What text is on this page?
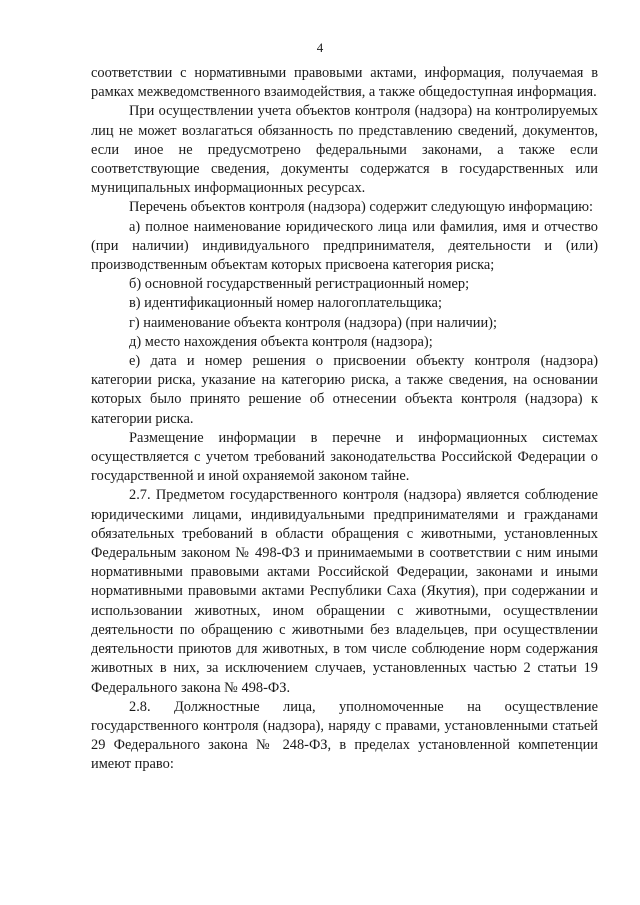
4

соответствии с нормативными правовыми актами, информация, получаемая в рамках межведомственного взаимодействия, а также общедоступная информация.

При осуществлении учета объектов контроля (надзора) на контролируемых лиц не может возлагаться обязанность по представлению сведений, документов, если иное не предусмотрено федеральными законами, а также если соответствующие сведения, документы содержатся в государственных или муниципальных информационных ресурсах.

Перечень объектов контроля (надзора) содержит следующую информацию:

а) полное наименование юридического лица или фамилия, имя и отчество (при наличии) индивидуального предпринимателя, деятельности и (или) производственным объектам которых присвоена категория риска;

б) основной государственный регистрационный номер;

в) идентификационный номер налогоплательщика;

г) наименование объекта контроля (надзора) (при наличии);

д) место нахождения объекта контроля (надзора);

е) дата и номер решения о присвоении объекту контроля (надзора) категории риска, указание на категорию риска, а также сведения, на основании которых было принято решение об отнесении объекта контроля (надзора) к категории риска.

Размещение информации в перечне и информационных системах осуществляется с учетом требований законодательства Российской Федерации о государственной и иной охраняемой законом тайне.

2.7. Предметом государственного контроля (надзора) является соблюдение юридическими лицами, индивидуальными предпринимателями и гражданами обязательных требований в области обращения с животными, установленных Федеральным законом № 498-ФЗ и принимаемыми в соответствии с ним иными нормативными правовыми актами Российской Федерации, законами и иными нормативными правовыми актами Республики Саха (Якутия), при содержании и использовании животных, ином обращении с животными, осуществлении деятельности по обращению с животными без владельцев, при осуществлении деятельности приютов для животных, в том числе соблюдение норм содержания животных в них, за исключением случаев, установленных частью 2 статьи 19 Федерального закона № 498-ФЗ.

2.8. Должностные лица, уполномоченные на осуществление государственного контроля (надзора), наряду с правами, установленными статьей 29 Федерального закона № 248-ФЗ, в пределах установленной компетенции имеют право:
